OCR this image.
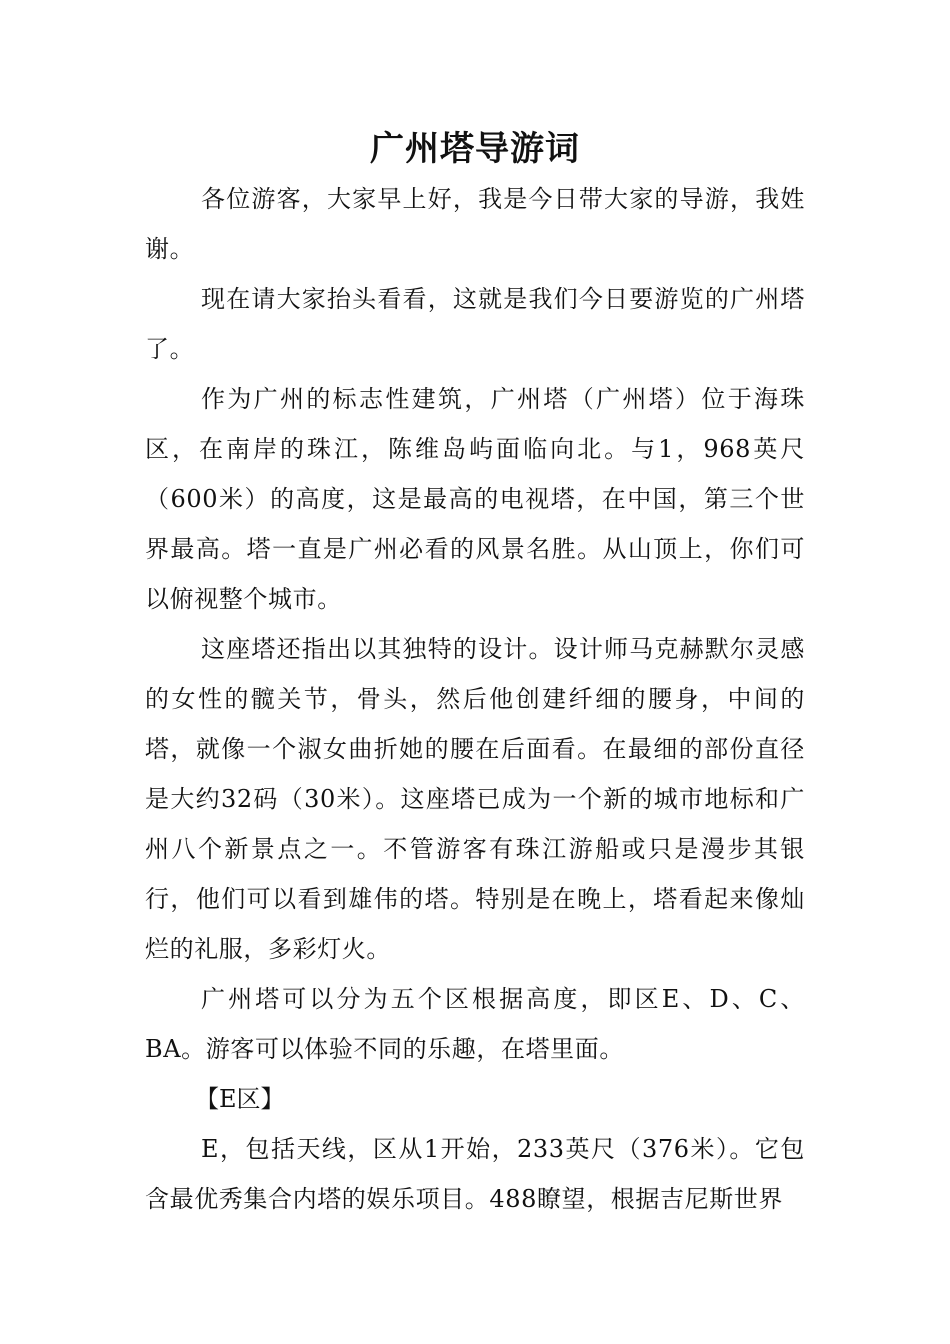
广州塔导游词

各位游客，大家早上好，我是今日带大家的导游，我姓谢。

现在请大家抬头看看，这就是我们今日要游览的广州塔了。

作为广州的标志性建筑，广州塔（广州塔）位于海珠区，在南岸的珠江，陈维岛屿面临向北。与1，968英尺（600米）的高度，这是最高的电视塔，在中国，第三个世界最高。塔一直是广州必看的风景名胜。从山顶上，你们可以俯视整个城市。

这座塔还指出以其独特的设计。设计师马克赫默尔灵感的女性的髋关节，骨头，然后他创建纤细的腰身，中间的塔，就像一个淑女曲折她的腰在后面看。在最细的部份直径是大约32码（30米）。这座塔已成为一个新的城市地标和广州八个新景点之一。不管游客有珠江游船或只是漫步其银行，他们可以看到雄伟的塔。特别是在晚上，塔看起来像灿烂的礼服，多彩灯火。

广州塔可以分为五个区根据高度，即区E、D、C、BA。游客可以体验不同的乐趣，在塔里面。

【E区】

E，包括天线，区从1开始，233英尺（376米）。它包含最优秀集合内塔的娱乐项目。488瞭望，根据吉尼斯世界
